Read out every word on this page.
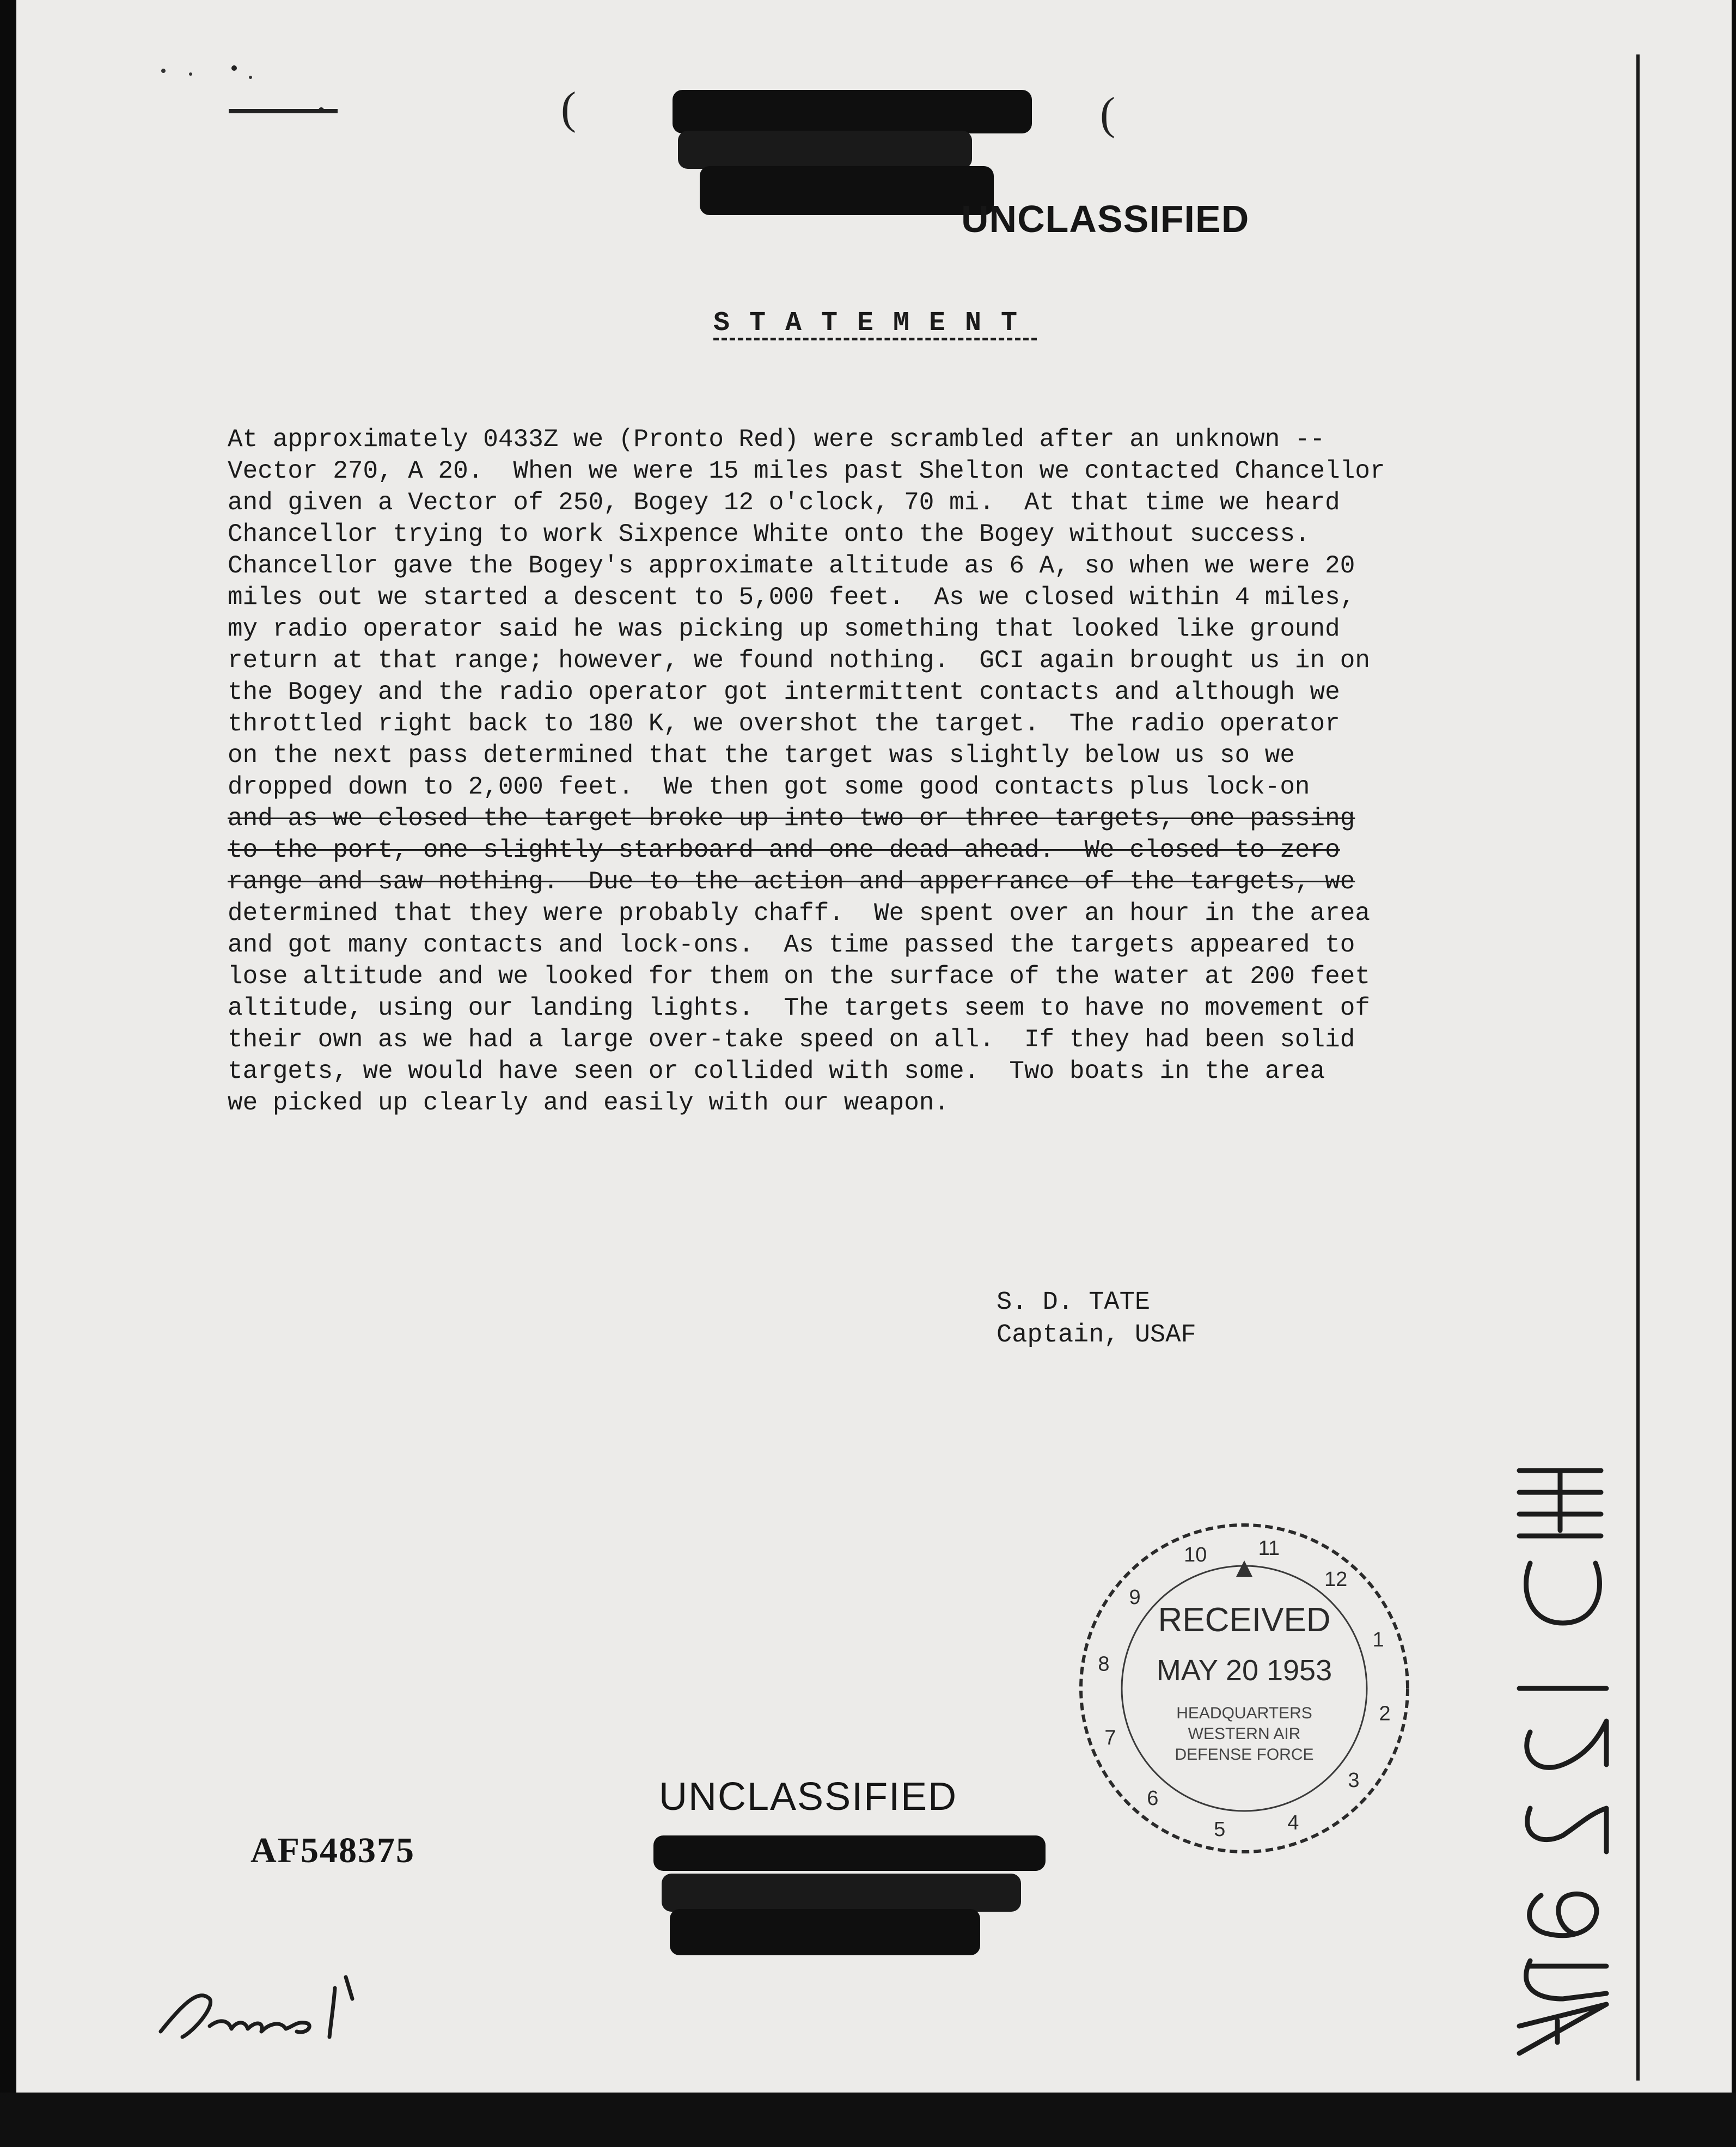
(	(
UNCLASSIFIED
STATEMENT
At approximately 0433Z we (Pronto Red) were scrambled after an unknown --
Vector 270, A 20.  When we were 15 miles past Shelton we contacted Chancellor
and given a Vector of 250, Bogey 12 o'clock, 70 mi.  At that time we heard
Chancellor trying to work Sixpence White onto the Bogey without success.
Chancellor gave the Bogey's approximate altitude as 6 A, so when we were 20
miles out we started a descent to 5,000 feet.  As we closed within 4 miles,
my radio operator said he was picking up something that looked like ground
return at that range; however, we found nothing.  GCI again brought us in on
the Bogey and the radio operator got intermittent contacts and although we
throttled right back to 180 K, we overshot the target.  The radio operator
on the next pass determined that the target was slightly below us so we
dropped down to 2,000 feet.  We then got some good contacts plus lock-on
and as we closed the target broke up into two or three targets, one passing
to the port, one slightly starboard and one dead ahead.  We closed to zero
range and saw nothing.  Due to the action and apperrance of the targets, we
determined that they were probably chaff.  We spent over an hour in the area
and got many contacts and lock-ons.  As time passed the targets appeared to
lose altitude and we looked for them on the surface of the water at 200 feet
altitude, using our landing lights.  The targets seem to have no movement of
their own as we had a large over-take speed on all.  If they had been solid
targets, we would have seen or collided with some.  Two boats in the area
we picked up clearly and easily with our weapon.
S. D. TATE
Captain, USAF
10 11
12
1
2
3
4
5
6
7
8
9
RECEIVED
MAY 20 1953
HEADQUARTERS
WESTERN AIR
DEFENSE FORCE
UNCLASSIFIED
AF548375
